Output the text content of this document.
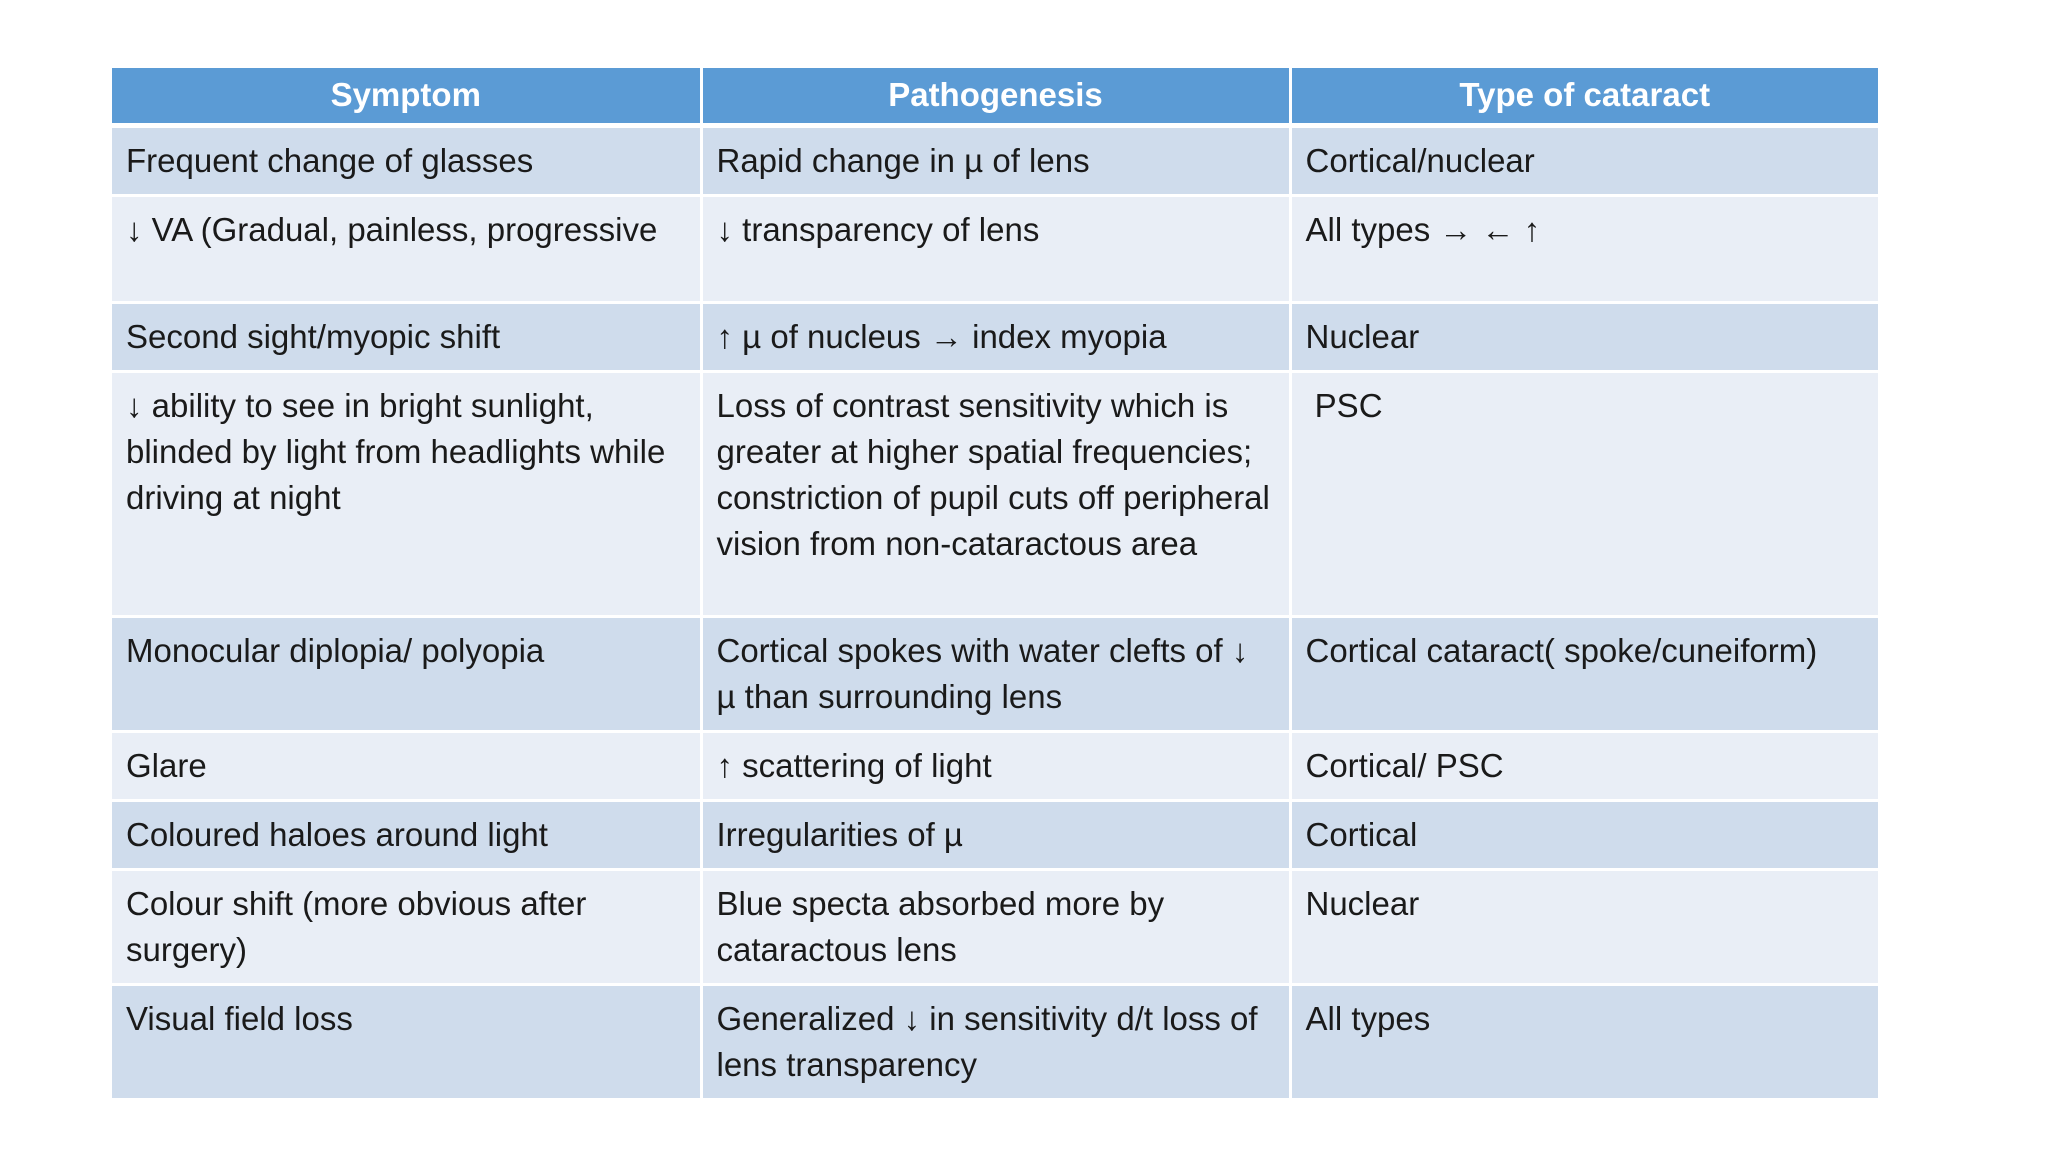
Symptom	Pathogenesis	Type of cataract
Frequent change of glasses	Rapid change in µ of lens	Cortical/nuclear
↓ VA (Gradual, painless, progressive	↓ transparency of lens	All types → ← ↑
Second sight/myopic shift	↑ µ of nucleus → index myopia	Nuclear
↓ ability to see in bright sunlight, blinded by light from headlights while driving at night	Loss of contrast sensitivity which is greater at higher spatial frequencies; constriction of pupil cuts off peripheral vision from non-cataractous area	PSC
Monocular diplopia/ polyopia	Cortical spokes with water clefts of ↓ µ than surrounding lens	Cortical cataract( spoke/cuneiform)
Glare	↑ scattering of light	Cortical/ PSC
Coloured haloes around light	Irregularities of µ	Cortical
Colour shift (more obvious after surgery)	Blue specta absorbed more by cataractous lens	Nuclear
Visual field loss	Generalized ↓ in sensitivity d/t loss of lens transparency	All types
